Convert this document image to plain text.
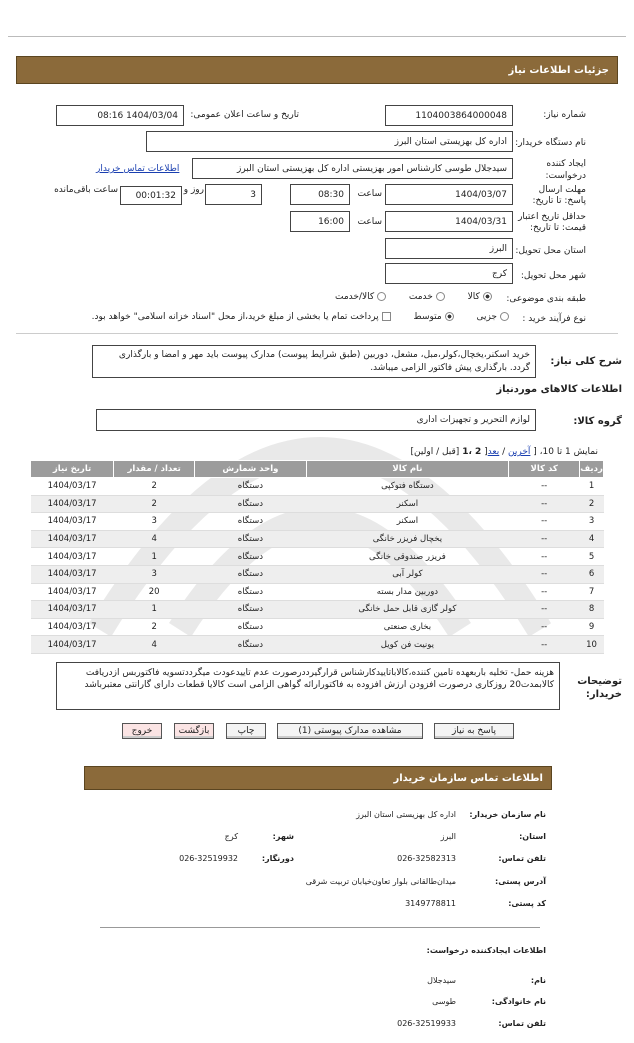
جزئیات اطلاعات نیاز
شماره نیاز:
1104003864000048
تاریخ و ساعت اعلان عمومی:
1404/03/04 08:16
نام دستگاه خریدار:
اداره کل بهزیستی استان البرز
ایجاد کننده درخواست:
سیدجلال طوسی کارشناس امور بهزیستی اداره کل بهزیستی استان البرز
اطلاعات تماس خریدار
مهلت ارسال پاسخ: تا تاریخ:
1404/03/07
ساعت
08:30
3
روز و
00:01:32
ساعت باقی‌مانده
حداقل تاریخ اعتبار قیمت: تا تاریخ:
1404/03/31
ساعت
16:00
استان محل تحویل:
البرز
شهر محل تحویل:
کرج
طبقه بندی موضوعی:
کالا  خدمت  کالا/خدمت
نوع فرآیند خرید :
جزیی  متوسط  پرداخت تمام یا بخشی از مبلغ خرید،از محل "اسناد خزانه اسلامی" خواهد بود.
شرح کلی نیاز:
خرید اسکنر،یخچال،کولر،مبل، مشعل، دوربین (طبق شرایط پیوست) مدارک پیوست باید مهر و امضا و بارگذاری گردد. بارگذاری پیش فاکتور الزامی میباشد.
اطلاعات کالاهای موردنیاز
گروه کالا:
لوازم التحریر و تجهیزات اداری
نمایش 1 تا 10، [ آخرین / بعد[ 2 ،1 [قبل / اولین]
ردیف	کد کالا	نام کالا	واحد شمارش	تعداد / مقدار	تاریخ نیاز
1	--	دستگاه فتوکپی	دستگاه	2	1404/03/17
2	--	اسکنر	دستگاه	2	1404/03/17
3	--	اسکنر	دستگاه	3	1404/03/17
4	--	یخچال فریزر خانگی	دستگاه	4	1404/03/17
5	--	فریزر صندوقی خانگی	دستگاه	1	1404/03/17
6	--	کولر آبی	دستگاه	3	1404/03/17
7	--	دوربین مدار بسته	دستگاه	20	1404/03/17
8	--	کولر گازی قابل حمل خانگی	دستگاه	1	1404/03/17
9	--	بخاری صنعتی	دستگاه	2	1404/03/17
10	--	یونیت فن کویل	دستگاه	4	1404/03/17
توضیحات خریدار:
هزینه حمل- تخلیه باربعهده تامین کننده،کالاباتاییدکارشناس قرارگیرددرصورت عدم تاییدعودت میگرددتسویه فاکتوربس ازدریافت کالابمدت20 روزکاری درصورت افزودن ارزش افزوده به فاکتورارائه گواهی الزامی است کالایا قطعات دارای گارانتی معتبرباشد
پاسخ به نیاز
مشاهده مدارک پیوستی (1)
چاپ
بازگشت
خروج
اطلاعات تماس سازمان خریدار
نام سازمان خریدار:
اداره کل بهزیستی استان البرز
استان:
البرز
شهر:
کرج
تلفن تماس:
026-32582313
دورنگار:
026-32519932
آدرس پستی:
میدان‌طالقانی بلوار تعاون‌خیابان تربیت شرقی
کد پستی:
3149778811
اطلاعات ایجادکننده درخواست:
نام:
سیدجلال
نام خانوادگی:
طوسی
تلفن تماس:
026-32519933
